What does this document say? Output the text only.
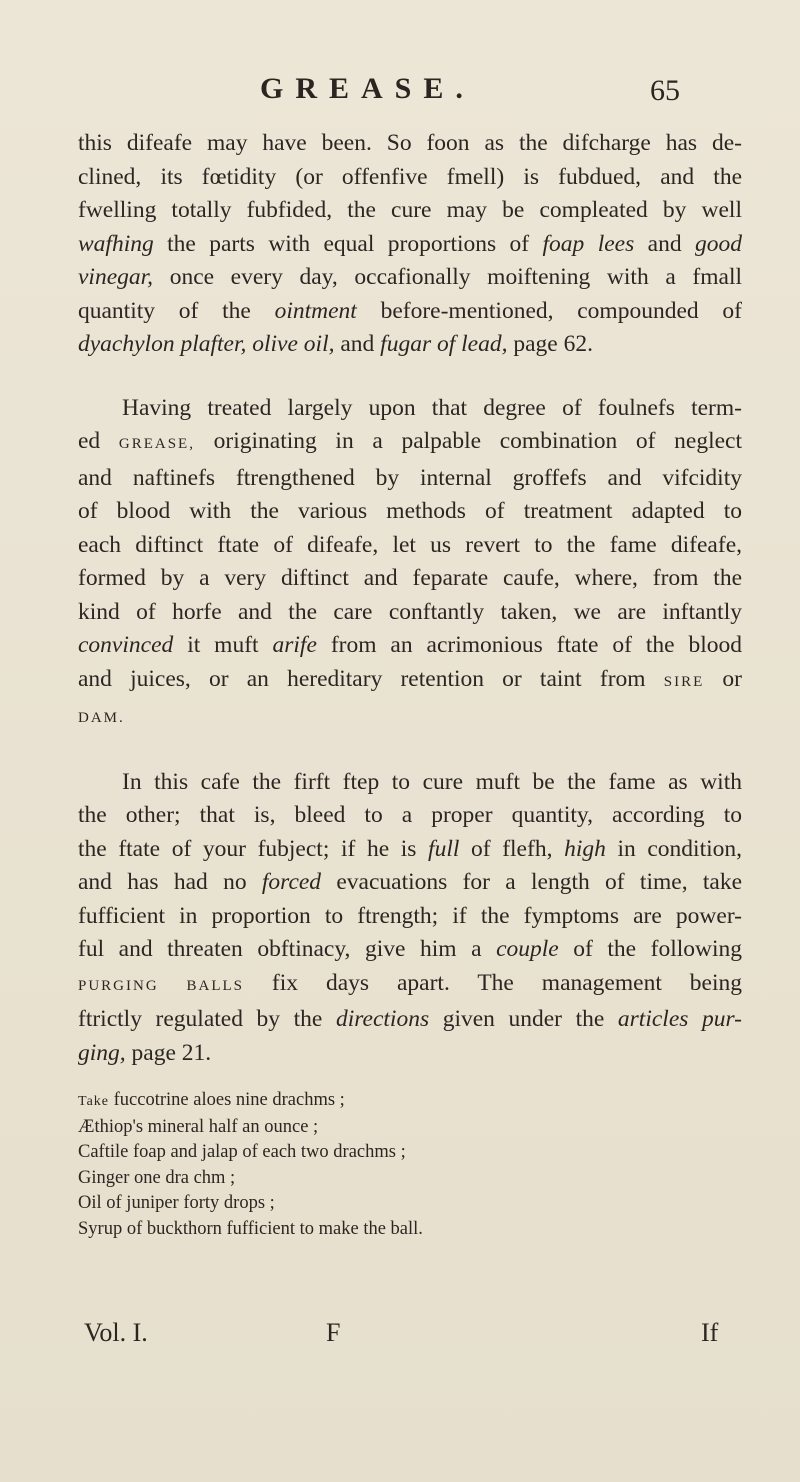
GREASE.	65
this difeafe may have been. So foon as the difcharge has de-
clined, its fœtidity (or offenfive fmell) is fubdued, and the
fwelling totally fubfided, the cure may be compleated by well
wafhing the parts with equal proportions of foap lees and good
vinegar, once every day, occafionally moiftening with a fmall
quantity of the ointment before-mentioned, compounded of
dyachylon plafter, olive oil, and fugar of lead, page 62.
Having treated largely upon that degree of foulnefs term-
ed GREASE, originating in a palpable combination of neglect
and naftinefs ftrengthened by internal groffefs and vifcidity
of blood with the various methods of treatment adapted to
each diftinct ftate of difeafe, let us revert to the fame difeafe,
formed by a very diftinct and feparate caufe, where, from the
kind of horfe and the care conftantly taken, we are inftantly
convinced it muft arife from an acrimonious ftate of the blood
and juices, or an hereditary retention or taint from SIRE or
DAM.
In this cafe the firft ftep to cure muft be the fame as with
the other; that is, bleed to a proper quantity, according to
the ftate of your fubject; if he is full of flefh, high in condition,
and has had no forced evacuations for a length of time, take
fufficient in proportion to ftrength; if the fymptoms are power-
ful and threaten obftinacy, give him a couple of the following
PURGING BALLS fix days apart. The management being
ftrictly regulated by the directions given under the articles pur-
ging, page 21.
Take fuccotrine aloes nine drachms ;
Æthiop's mineral half an ounce ;
Caftile foap and jalap of each two drachms ;
Ginger one dra chm ;
Oil of juniper forty drops ;
Syrup of buckthorn fufficient to make the ball.
Vol. I.	F	If
